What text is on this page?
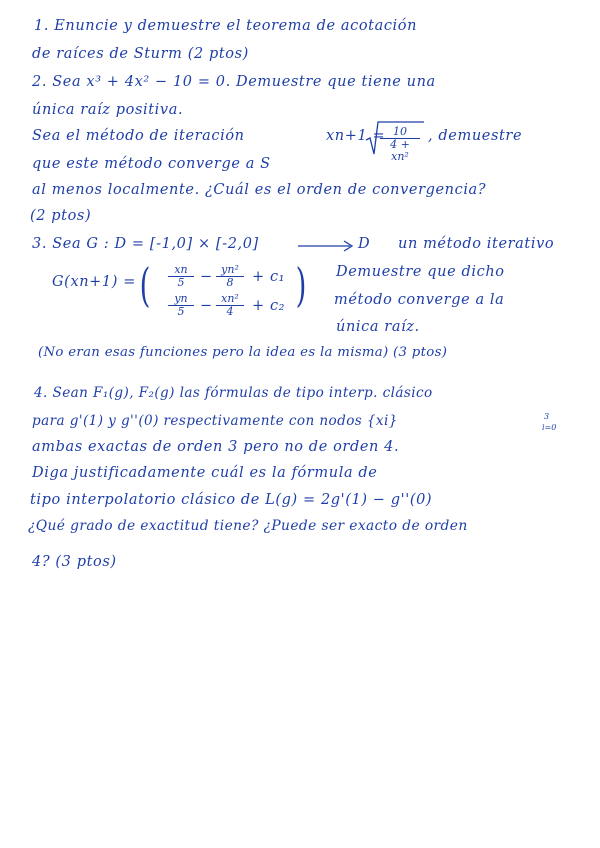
1. Enuncie y demuestre el teorema de acotación
de raíces de Sturm (2 ptos)
2. Sea x³ + 4x² − 10 = 0. Demuestre que tiene una
única raíz positiva.
Sea el método de iteración	xn+1 =
$\frac{10}{\text{4 + xn²}}$ , demuestre
que este método converge a S
al menos localmente. ¿Cuál es el orden de convergencia?
(2 ptos)
3. Sea G : D = [-1,0] × [-2,0]	D un método iterativo
G(xn+1) = ( $\frac{xn}{5} - \frac{\text{yn²}}{8} + c_1$
$\frac{yn}{5} - \frac{\text{xn²}}{4} + c_2$ ) Demuestre que dicho
método converge a la
única raíz.
(No eran esas funciones pero la idea es la misma) (3 ptos)
4. Sean F₁(g), F₂(g) las fórmulas de tipo interp. clásico
para g'(1) y g''(0) respectivamente con nodos {xi}	i=0
3
ambas exactas de orden 3 pero no de orden 4.
Diga justificadamente cuál es la fórmula de
tipo interpolatorio clásico de L(g) = 2g'(1) − g''(0)
¿Qué grado de exactitud tiene? ¿Puede ser exacto de orden
4? (3 ptos)
